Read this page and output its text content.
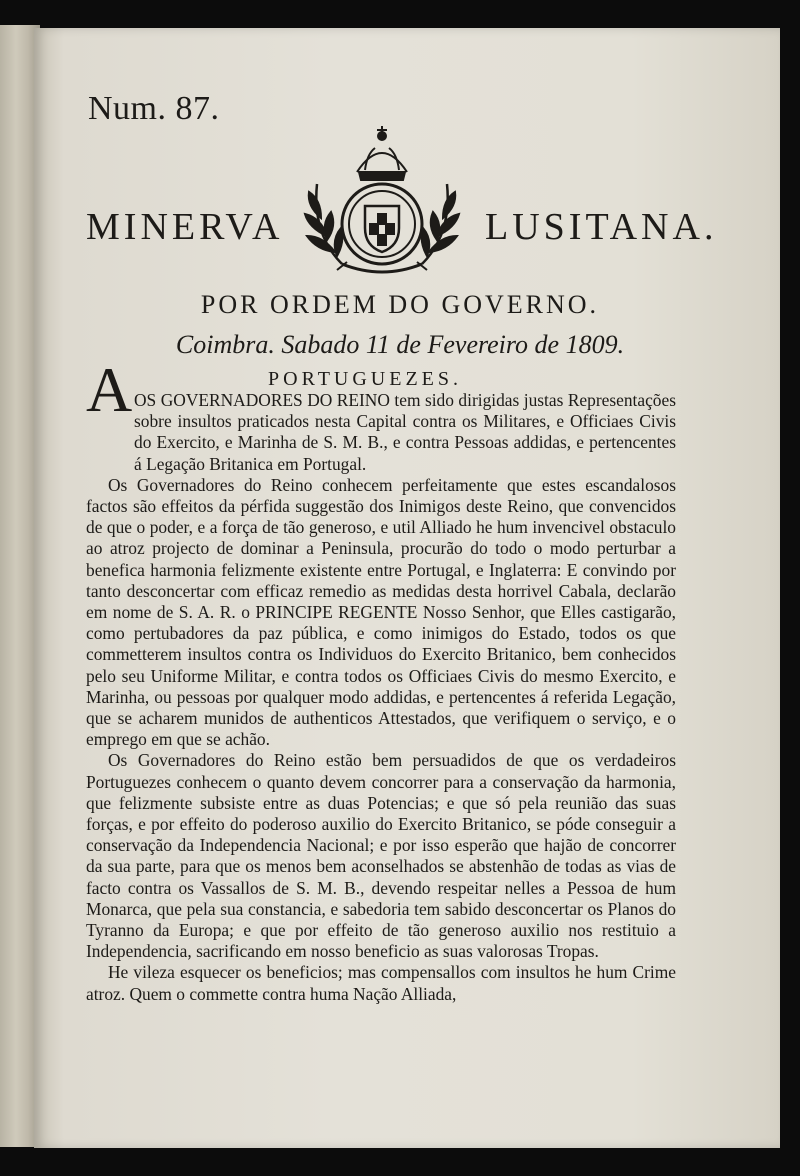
Num. 87.
MINERVA	LUSITANA.
POR ORDEM DO GOVERNO.
Coimbra. Sabado 11 de Fevereiro de 1809.
A	PORTUGUEZES.

OS GOVERNADORES DO REINO tem sido dirigidas justas Representações sobre insultos praticados nesta Capital contra os Militares, e Officiaes Civis do Exercito, e Marinha de S. M. B., e contra Pessoas addidas, e pertencentes á Legação Britanica em Portugal.

Os Governadores do Reino conhecem perfeitamente que estes escandalosos factos são effeitos da pérfida suggestão dos Inimigos deste Reino, que convencidos de que o poder, e a força de tão generoso, e util Alliado he hum invencivel obstaculo ao atroz projecto de dominar a Peninsula, procurão do todo o modo perturbar a benefica harmonia felizmente existente entre Portugal, e Inglaterra: E convindo por tanto desconcertar com efficaz remedio as medidas desta horrivel Cabala, declarão em nome de S. A. R. o PRINCIPE REGENTE Nosso Senhor, que Elles castigarão, como pertubadores da paz pública, e como inimigos do Estado, todos os que commetterem insultos contra os Individuos do Exercito Britanico, bem conhecidos pelo seu Uniforme Militar, e contra todos os Officiaes Civis do mesmo Exercito, e Marinha, ou pessoas por qualquer modo addidas, e pertencentes á referida Legação, que se acharem munidos de authenticos Attestados, que verifiquem o serviço, e o emprego em que se achão.

Os Governadores do Reino estão bem persuadidos de que os verdadeiros Portuguezes conhecem o quanto devem concorrer para a conservação da harmonia, que felizmente subsiste entre as duas Potencias; e que só pela reunião das suas forças, e por effeito do poderoso auxilio do Exercito Britanico, se póde conseguir a conservação da Independencia Nacional; e por isso esperão que hajão de concorrer da sua parte, para que os menos bem aconselhados se abstenhão de todas as vias de facto contra os Vassallos de S. M. B., devendo respeitar nelles a Pessoa de hum Monarca, que pela sua constancia, e sabedoria tem sabido desconcertar os Planos do Tyranno da Europa; e que por effeito de tão generoso auxilio nos restituio a Independencia, sacrificando em nosso beneficio as suas valorosas Tropas.

He vileza esquecer os beneficios; mas compensallos com insultos he hum Crime atroz. Quem o commette contra huma Nação Alliada,
